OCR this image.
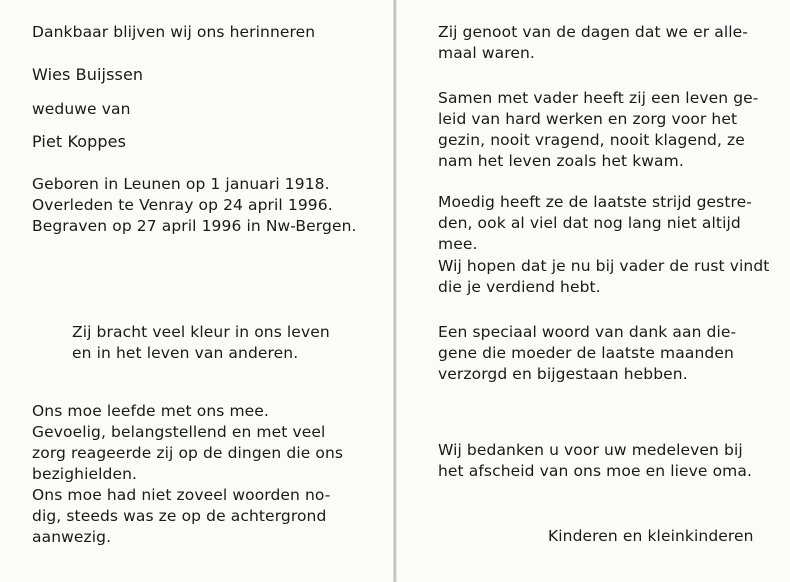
Dankbaar blijven wij ons herinneren
Wies Buijssen
weduwe van
Piet Koppes
Geboren in Leunen op 1 januari 1918.
Overleden te Venray op 24 april 1996.
Begraven op 27 april 1996 in Nw-Bergen.
Zij bracht veel kleur in ons leven
en in het leven van anderen.
Ons moe leefde met ons mee.
Gevoelig, belangstellend en met veel
zorg reageerde zij op de dingen die ons
bezighielden.
Ons moe had niet zoveel woorden no-
dig, steeds was ze op de achtergrond
aanwezig.
Zij genoot van de dagen dat we er alle-
maal waren.
Samen met vader heeft zij een leven ge-
leid van hard werken en zorg voor het
gezin, nooit vragend, nooit klagend, ze
nam het leven zoals het kwam.
Moedig heeft ze de laatste strijd gestre-
den, ook al viel dat nog lang niet altijd
mee.
Wij hopen dat je nu bij vader de rust vindt
die je verdiend hebt.
Een speciaal woord van dank aan die-
gene die moeder de laatste maanden
verzorgd en bijgestaan hebben.
Wij bedanken u voor uw medeleven bij
het afscheid van ons moe en lieve oma.
Kinderen en kleinkinderen
